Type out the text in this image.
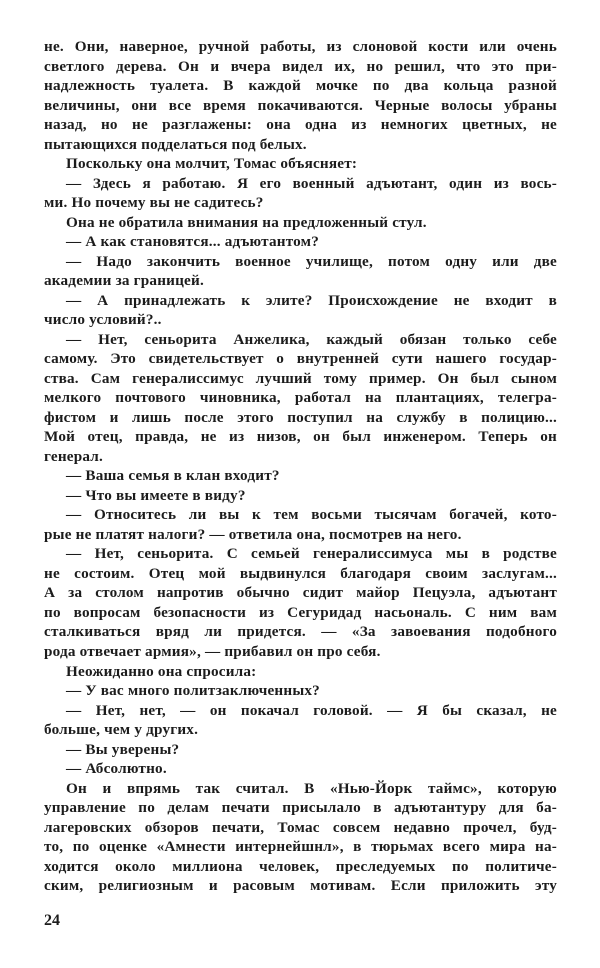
не. Они, наверное, ручной работы, из слоновой кости или очень
светлого дерева. Он и вчера видел их, но решил, что это при-
надлежность туалета. В каждой мочке по два кольца разной
величины, они все время покачиваются. Черные волосы убраны
назад, но не разглажены: она одна из немногих цветных, не
пытающихся подделаться под белых.
Поскольку она молчит, Томас объясняет:
— Здесь я работаю. Я его военный адъютант, один из вось-
ми. Но почему вы не садитесь?
Она не обратила внимания на предложенный стул.
— А как становятся... адъютантом?
— Надо закончить военное училище, потом одну или две
академии за границей.
— А принадлежать к элите? Происхождение не входит в
число условий?..
— Нет, сеньорита Анжелика, каждый обязан только себе
самому. Это свидетельствует о внутренней сути нашего государ-
ства. Сам генералиссимус лучший тому пример. Он был сыном
мелкого почтового чиновника, работал на плантациях, телегра-
фистом и лишь после этого поступил на службу в полицию...
Мой отец, правда, не из низов, он был инженером. Теперь он
генерал.
— Ваша семья в клан входит?
— Что вы имеете в виду?
— Относитесь ли вы к тем восьми тысячам богачей, кото-
рые не платят налоги? — ответила она, посмотрев на него.
— Нет, сеньорита. С семьей генералиссимуса мы в родстве
не состоим. Отец мой выдвинулся благодаря своим заслугам...
А за столом напротив обычно сидит майор Пецуэла, адъютант
по вопросам безопасности из Сегуридад насьональ. С ним вам
сталкиваться вряд ли придется. — «За завоевания подобного
рода отвечает армия», — прибавил он про себя.
Неожиданно она спросила:
— У вас много политзаключенных?
— Нет, нет, — он покачал головой. — Я бы сказал, не
больше, чем у других.
— Вы уверены?
— Абсолютно.
Он и впрямь так считал. В «Нью-Йорк таймс», которую
управление по делам печати присылало в адъютантуру для ба-
лагеровских обзоров печати, Томас совсем недавно прочел, буд-
то, по оценке «Амнести интернейшнл», в тюрьмах всего мира на-
ходится около миллиона человек, преследуемых по политиче-
ским, религиозным и расовым мотивам. Если приложить эту
24
